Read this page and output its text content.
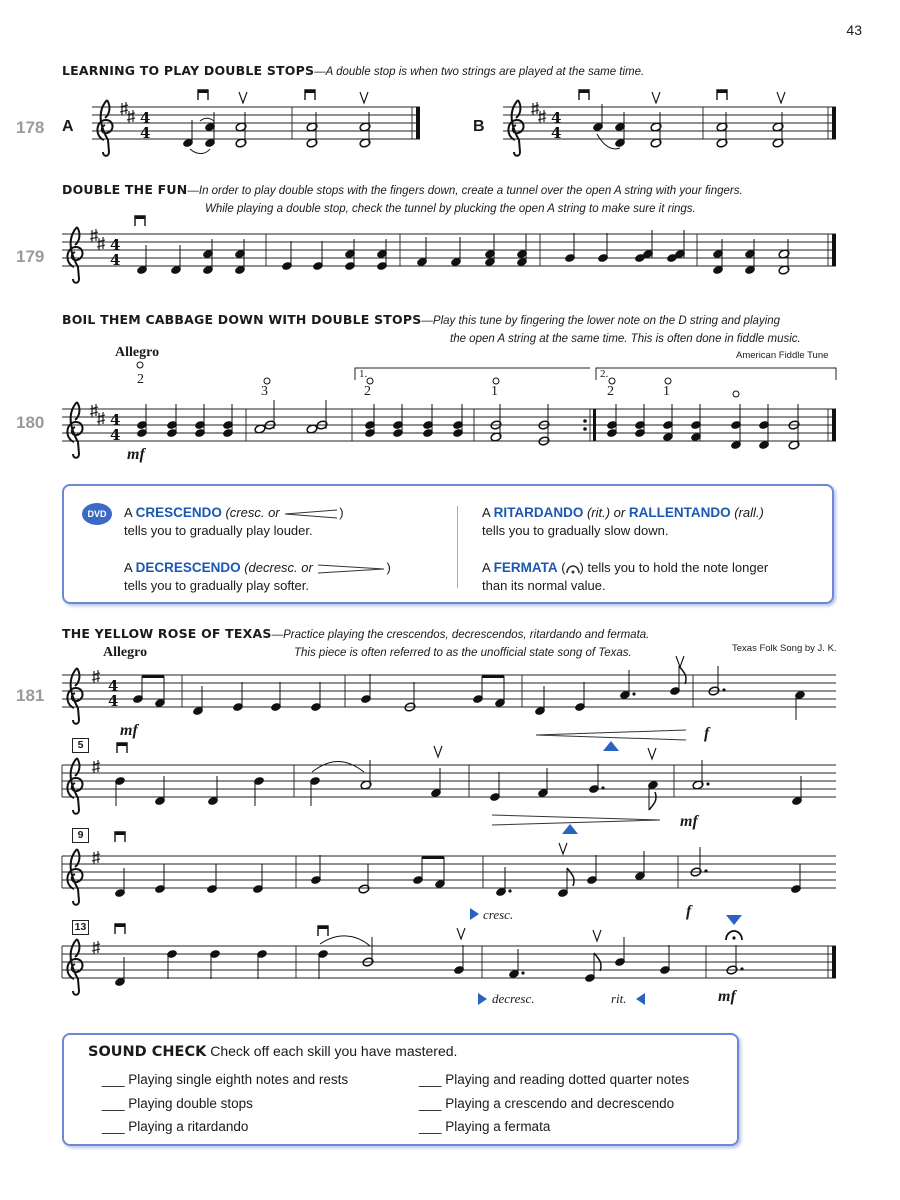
43
LEARNING TO PLAY DOUBLE STOPS—A double stop is when two strings are played at the same time.
178 A	B
DOUBLE THE FUN—In order to play double stops with the fingers down, create a tunnel over the open A string with your fingers.
While playing a double stop, check the tunnel by plucking the open A string to make sure it rings.
179
BOIL THEM CABBAGE DOWN WITH DOUBLE STOPS—Play this tune by fingering the lower note on the D string and playing
the open A string at the same time. This is often done in fiddle music.
Allegro	American Fiddle Tune
180
mf
1.	2.
2
3	2	1	2	1
DVD	A CRESCENDO (cresc. or	)
tells you to gradually play louder.
A DECRESCENDO (decresc. or	)
tells you to gradually play softer.
A RITARDANDO (rit.) or RALLENTANDO (rall.)
tells you to gradually slow down.
A FERMATA ( ) tells you to hold the note longer
than its normal value.
THE YELLOW ROSE OF TEXAS—Practice playing the crescendos, decrescendos, ritardando and fermata.
This piece is often referred to as the unofficial state song of Texas.	Texas Folk Song by J. K.
Allegro
181
5
9
13
mf	f
mf
f
mf
cresc.
decresc.	rit.
4
4
SOUND CHECK Check off each skill you have mastered.
___ Playing single eighth notes and rests
___ Playing double stops
___ Playing a ritardando
___ Playing and reading dotted quarter notes
___ Playing a crescendo and decrescendo
___ Playing a fermata
